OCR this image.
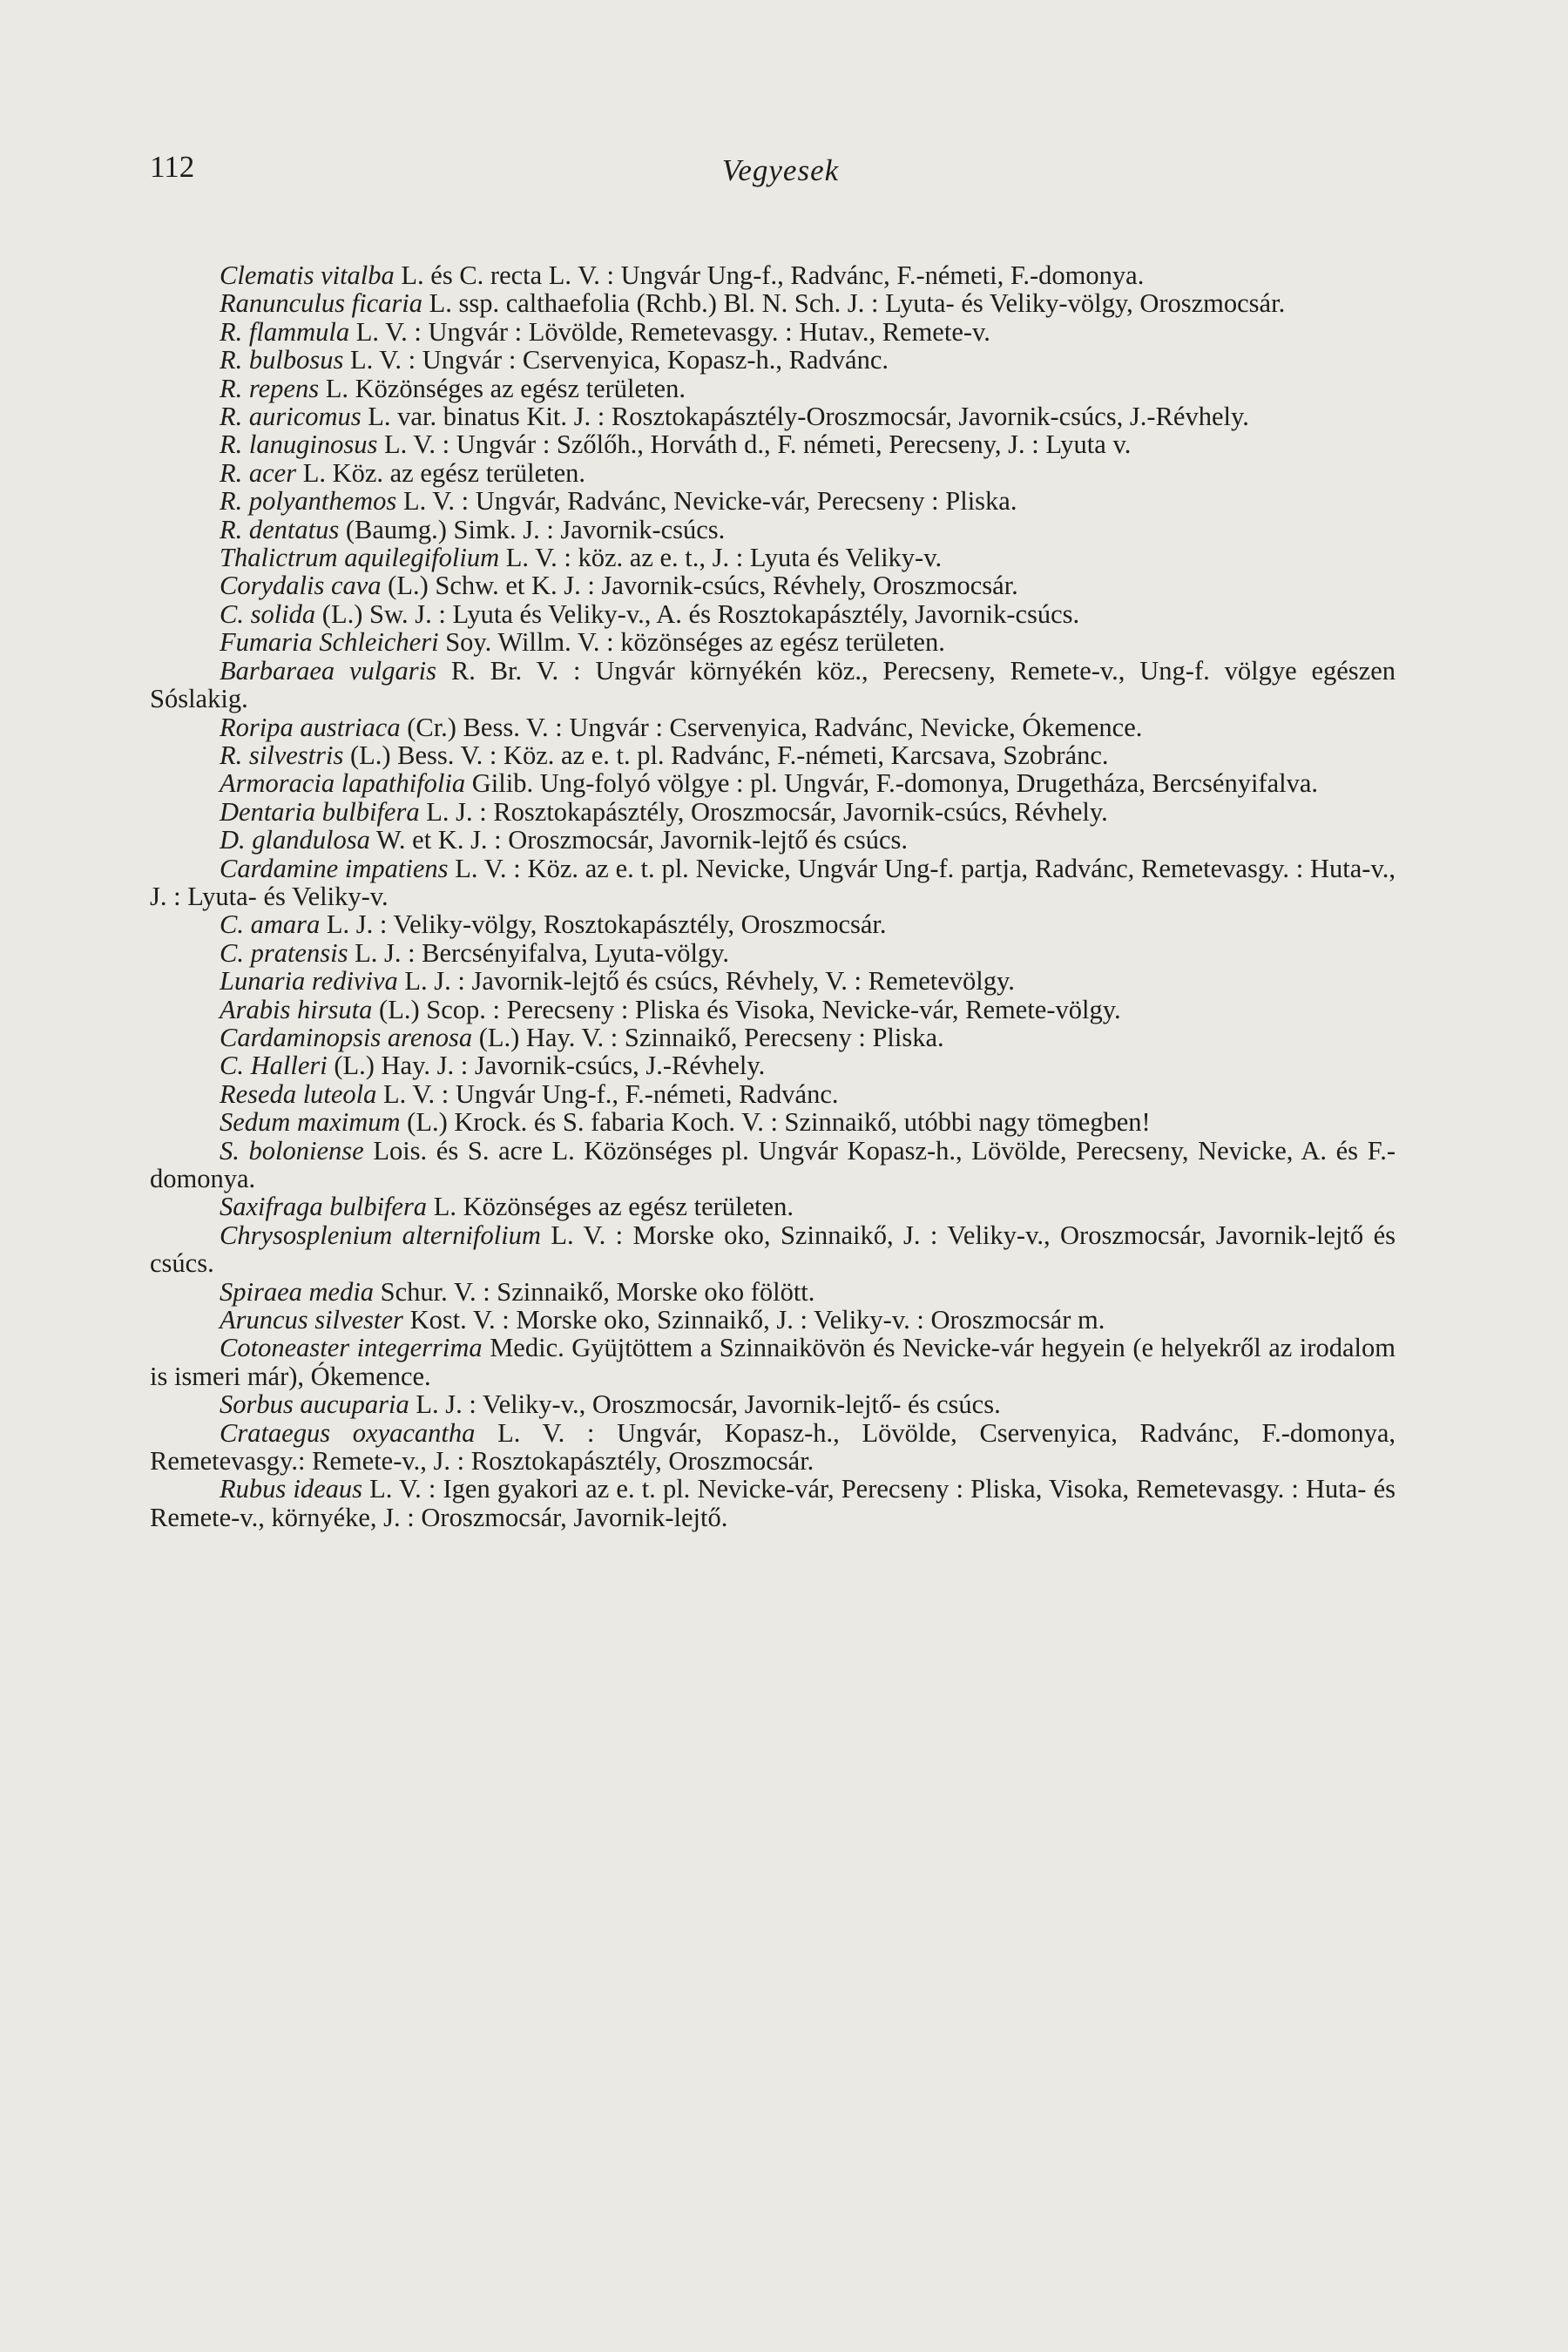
112	Vegyesek

Clematis vitalba L. és C. recta L. V. : Ungvár Ung-f., Radvánc, F.-németi, F.-domonya.

Ranunculus ficaria L. ssp. calthaefolia (Rchb.) Bl. N. Sch. J. : Lyuta- és Veliky-völgy, Oroszmocsár.

R. flammula L. V. : Ungvár : Lövölde, Remetevasgy. : Hutav., Remete-v.

R. bulbosus L. V. : Ungvár : Cservenyica, Kopasz-h., Radvánc.

R. repens L. Közönséges az egész területen.

R. auricomus L. var. binatus Kit. J. : Rosztokapásztély-Oroszmocsár, Javornik-csúcs, J.-Révhely.

R. lanuginosus L. V. : Ungvár : Szőlőh., Horváth d., F. németi, Perecseny, J. : Lyuta v.

R. acer L. Köz. az egész területen.

R. polyanthemos L. V. : Ungvár, Radvánc, Nevicke-vár, Perecseny : Pliska.

R. dentatus (Baumg.) Simk. J. : Javornik-csúcs.

Thalictrum aquilegifolium L. V. : köz. az e. t., J. : Lyuta és Veliky-v.

Corydalis cava (L.) Schw. et K. J. : Javornik-csúcs, Révhely, Oroszmocsár.

C. solida (L.) Sw. J. : Lyuta és Veliky-v., A. és Rosztokapásztély, Javornik-csúcs.

Fumaria Schleicheri Soy. Willm. V. : közönséges az egész területen.

Barbaraea vulgaris R. Br. V. : Ungvár környékén köz., Perecseny, Remete-v., Ung-f. völgye egészen Sóslakig.

Roripa austriaca (Cr.) Bess. V. : Ungvár : Cservenyica, Radvánc, Nevicke, Ókemence.

R. silvestris (L.) Bess. V. : Köz. az e. t. pl. Radvánc, F.-németi, Karcsava, Szobránc.

Armoracia lapathifolia Gilib. Ung-folyó völgye : pl. Ungvár, F.-domonya, Drugetháza, Bercsényifalva.

Dentaria bulbifera L. J. : Rosztokapásztély, Oroszmocsár, Javornik-csúcs, Révhely.

D. glandulosa W. et K. J. : Oroszmocsár, Javornik-lejtő és csúcs.

Cardamine impatiens L. V. : Köz. az e. t. pl. Nevicke, Ungvár Ung-f. partja, Radvánc, Remetevasgy. : Huta-v., J. : Lyuta- és Veliky-v.

C. amara L. J. : Veliky-völgy, Rosztokapásztély, Oroszmocsár.

C. pratensis L. J. : Bercsényifalva, Lyuta-völgy.

Lunaria rediviva L. J. : Javornik-lejtő és csúcs, Révhely, V. : Remetevölgy.

Arabis hirsuta (L.) Scop. : Perecseny : Pliska és Visoka, Nevicke-vár, Remete-völgy.

Cardaminopsis arenosa (L.) Hay. V. : Szinnaikő, Perecseny : Pliska.

C. Halleri (L.) Hay. J. : Javornik-csúcs, J.-Révhely.

Reseda luteola L. V. : Ungvár Ung-f., F.-németi, Radvánc.

Sedum maximum (L.) Krock. és S. fabaria Koch. V. : Szinnaikő, utóbbi nagy tömegben!

S. boloniense Lois. és S. acre L. Közönséges pl. Ungvár Kopasz-h., Lövölde, Perecseny, Nevicke, A. és F.-domonya.

Saxifraga bulbifera L. Közönséges az egész területen.

Chrysosplenium alternifolium L. V. : Morske oko, Szinnaikő, J. : Veliky-v., Oroszmocsár, Javornik-lejtő és csúcs.

Spiraea media Schur. V. : Szinnaikő, Morske oko fölött.

Aruncus silvester Kost. V. : Morske oko, Szinnaikő, J. : Veliky-v. : Oroszmocsár m.

Cotoneaster integerrima Medic. Gyüjtöttem a Szinnaikövön és Nevicke-vár hegyein (e helyekről az irodalom is ismeri már), Ókemence.

Sorbus aucuparia L. J. : Veliky-v., Oroszmocsár, Javornik-lejtő- és csúcs.

Crataegus oxyacantha L. V. : Ungvár, Kopasz-h., Lövölde, Cservenyica, Radvánc, F.-domonya, Remetevasgy.: Remete-v., J. : Rosztokapásztély, Oroszmocsár.

Rubus ideaus L. V. : Igen gyakori az e. t. pl. Nevicke-vár, Perecseny : Pliska, Visoka, Remetevasgy. : Huta- és Remete-v., környéke, J. : Oroszmocsár, Javornik-lejtő.
